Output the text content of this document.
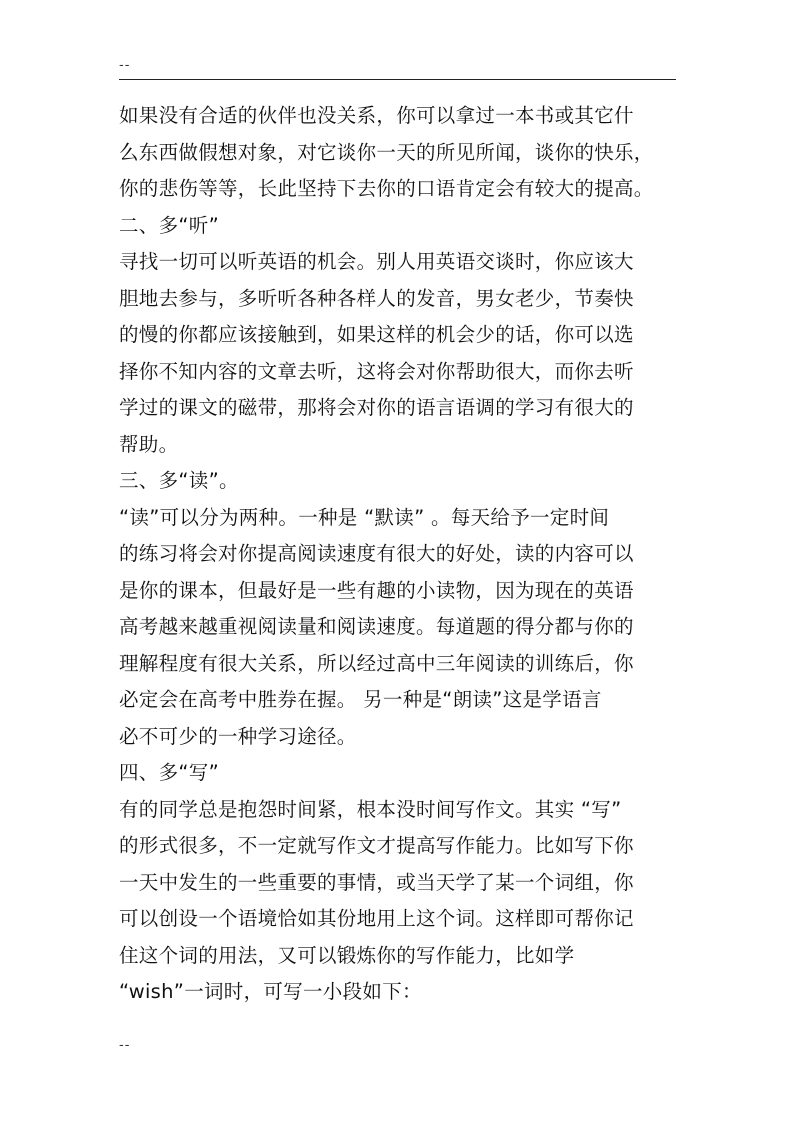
--
如果没有合适的伙伴也没关系，你可以拿过一本书或其它什
么东西做假想对象，对它谈你一天的所见所闻，谈你的快乐，
你的悲伤等等，长此坚持下去你的口语肯定会有较大的提高。
二、多“听”
寻找一切可以听英语的机会。别人用英语交谈时，你应该大
胆地去参与，多听听各种各样人的发音，男女老少，节奏快
的慢的你都应该接触到，如果这样的机会少的话，你可以选
择你不知内容的文章去听，这将会对你帮助很大，而你去听
学过的课文的磁带，那将会对你的语言语调的学习有很大的
帮助。
三、多“读”。
“读”可以分为两种。一种是 “默读” 。每天给予一定时间
的练习将会对你提高阅读速度有很大的好处，读的内容可以
是你的课本，但最好是一些有趣的小读物，因为现在的英语
高考越来越重视阅读量和阅读速度。每道题的得分都与你的
理解程度有很大关系，所以经过高中三年阅读的训练后，你
必定会在高考中胜券在握。 另一种是“朗读”这是学语言
必不可少的一种学习途径。
四、多“写”
有的同学总是抱怨时间紧，根本没时间写作文。其实 “写”
的形式很多，不一定就写作文才提高写作能力。比如写下你
一天中发生的一些重要的事情，或当天学了某一个词组，你
可以创设一个语境恰如其份地用上这个词。这样即可帮你记
住这个词的用法，又可以锻炼你的写作能力，比如学
“wish”一词时，可写一小段如下：
--
